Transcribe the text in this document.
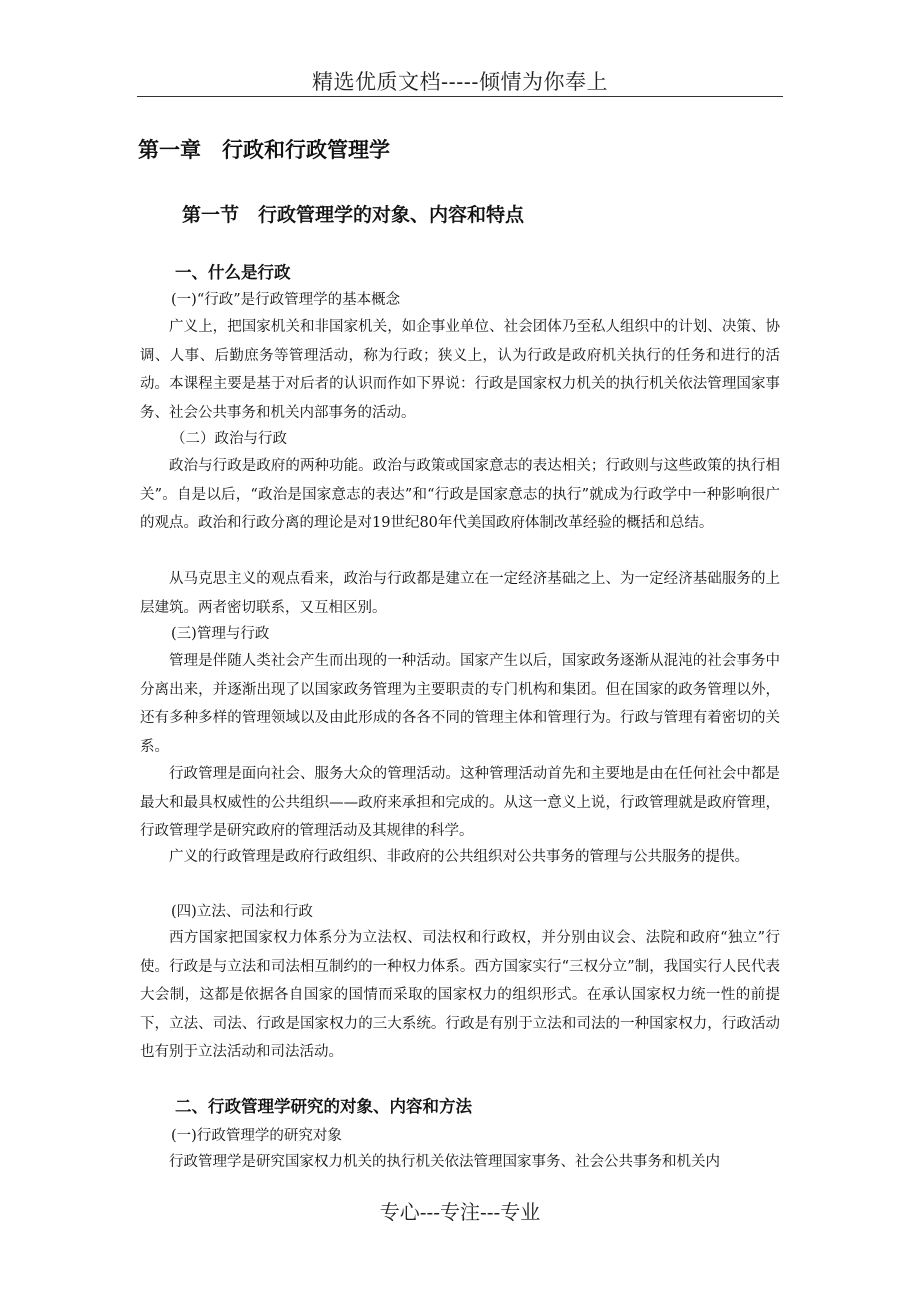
精选优质文档-----倾情为你奉上
第一章　行政和行政管理学
第一节　行政管理学的对象、内容和特点
一、什么是行政
(一)“行政”是行政管理学的基本概念

广义上，把国家机关和非国家机关，如企事业单位、社会团体乃至私人组织中的计划、决策、协调、人事、后勤庶务等管理活动，称为行政；狭义上，认为行政是政府机关执行的任务和进行的活动。本课程主要是基于对后者的认识而作如下界说：行政是国家权力机关的执行机关依法管理国家事务、社会公共事务和机关内部事务的活动。

（二）政治与行政

政治与行政是政府的两种功能。政治与政策或国家意志的表达相关；行政则与这些政策的执行相关”。自是以后，“政治是国家意志的表达”和“行政是国家意志的执行”就成为行政学中一种影响很广的观点。政治和行政分离的理论是对19世纪80年代美国政府体制改革经验的概括和总结。

从马克思主义的观点看来，政治与行政都是建立在一定经济基础之上、为一定经济基础服务的上层建筑。两者密切联系，又互相区别。

(三)管理与行政

管理是伴随人类社会产生而出现的一种活动。国家产生以后，国家政务逐渐从混沌的社会事务中分离出来，并逐渐出现了以国家政务管理为主要职责的专门机构和集团。但在国家的政务管理以外，还有多种多样的管理领域以及由此形成的各各不同的管理主体和管理行为。行政与管理有着密切的关系。

行政管理是面向社会、服务大众的管理活动。这种管理活动首先和主要地是由在任何社会中都是最大和最具权威性的公共组织——政府来承担和完成的。从这一意义上说，行政管理就是政府管理，行政管理学是研究政府的管理活动及其规律的科学。

广义的行政管理是政府行政组织、非政府的公共组织对公共事务的管理与公共服务的提供。

(四)立法、司法和行政

西方国家把国家权力体系分为立法权、司法权和行政权，并分别由议会、法院和政府“独立”行使。行政是与立法和司法相互制约的一种权力体系。西方国家实行“三权分立”制，我国实行人民代表大会制，这都是依据各自国家的国情而采取的国家权力的组织形式。在承认国家权力统一性的前提下，立法、司法、行政是国家权力的三大系统。行政是有别于立法和司法的一种国家权力，行政活动也有别于立法活动和司法活动。

二、行政管理学研究的对象、内容和方法
(一)行政管理学的研究对象

行政管理学是研究国家权力机关的执行机关依法管理国家事务、社会公共事务和机关内

专心---专注---专业
